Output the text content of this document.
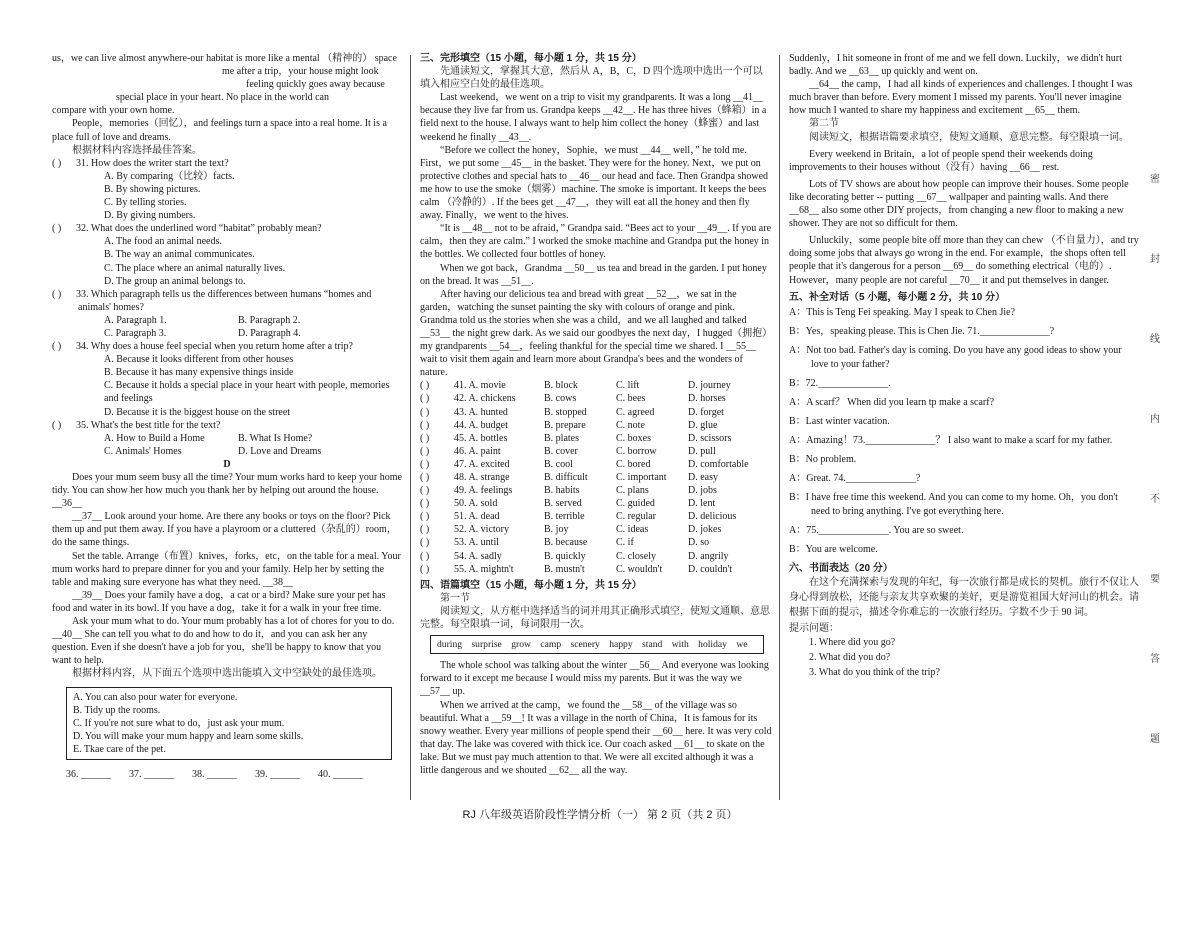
us，we can live almost anywhere-our habitat is more like a mental （精神的） space

me after a trip，your house might look

feeling quickly goes away because

special place in your heart. No place in the world can

compare with your own home.

People，memories（回忆），and feelings turn a space into a real home. It is a place full of love and dreams.

根据材料内容选择最佳答案。

( ) 31. How does the writer start the text?

A. By comparing（比较）facts.

B. By showing pictures.

C. By telling stories.

D. By giving numbers.

( ) 32. What does the underlined word “habitat” probably mean?

A. The food an animal needs.

B. The way an animal communicates.

C. The place where an animal naturally lives.

D. The group an animal belongs to.

( ) 33. Which paragraph tells us the differences between humans “homes and animals' homes?

A. Paragraph 1.	B. Paragraph 2.
C. Paragraph 3.	D. Paragraph 4.

( ) 34. Why does a house feel special when you return home after a trip?

A. Because it looks different from other houses

B. Because it has many expensive things inside

C. Because it holds a special place in your heart with people, memories and feelings

D. Because it is the biggest house on the street

( ) 35. What's the best title for the text?

A. How to Build a Home	B. What Is Home?
C. Animals' Homes	D. Love and Dreams

D

Does your mum seem busy all the time? Your mum works hard to keep your home tidy. You can show her how much you thank her by helping out around the house. __36__

__37__ Look around your home. Are there any books or toys on the floor? Pick them up and put them away. If you have a playroom or a cluttered（杂乱的）room，do the same things.

Set the table. Arrange（布置）knives，forks，etc，on the table for a meal. Your mum works hard to prepare dinner for you and your family. Help her by setting the table and making sure everyone has what they need. __38__

__39__ Does your family have a dog，a cat or a bird? Make sure your pet has food and water in its bowl. If you have a dog，take it for a walk in your free time.

Ask your mum what to do. Your mum probably has a lot of chores for you to do. __40__ She can tell you what to do and how to do it，and you can ask her any question. Even if she doesn't have a job for you，she'll be happy to know that you want to help.

根据材料内容，从下面五个选项中选出能填入文中空缺处的最佳选项。

A. You can also pour water for everyone.

B. Tidy up the rooms.

C. If you're not sure what to do，just ask your mum.

D. You will make your mum happy and learn some skills.

E. Tkae care of the pet.

36. ______ 37. ______ 38. ______ 39. ______ 40. ______

三、完形填空（15 小题，每小题 1 分，共 15 分）

先通读短文，掌握其大意，然后从 A，B，C，D 四个选项中选出一个可以填入相应空白处的最佳选项。

Last weekend，we went on a trip to visit my grandparents. It was a long __41__ because they live far from us. Grandpa keeps __42__. He has three hives（蜂箱）in a field next to the house. I always want to help him collect the honey（蜂蜜）and last weekend he finally __43__.

“Before we collect the honey，Sophie，we must __44__ well，” he told me. First，we put some __45__ in the basket. They were for the honey. Next，we put on protective clothes and special hats to __46__ our head and face. Then Grandpa showed me how to use the smoke（烟雾）machine. The smoke is important. It keeps the bees calm （冷静的）. If the bees get __47__，they will eat all the honey and then fly away. Finally，we went to the hives.

“It is __48__ not to be afraid，” Grandpa said. “Bees act to your __49__. If you are calm，then they are calm.” I worked the smoke machine and Grandpa put the honey in the bottles. We collected four bottles of honey.

When we got back，Grandma __50__ us tea and bread in the garden. I put honey on the bread. It was __51__.

After having our delicious tea and bread with great __52__，we sat in the garden，watching the sunset painting the sky with colours of orange and pink. Grandma told us the stories when she was a child，and we all laughed and talked __53__ the night grew dark. As we said our goodbyes the next day，I hugged（拥抱）my grandparents __54__，feeling thankful for the special time we shared. I __55__ wait to visit them again and learn more about Grandpa's bees and the wonders of nature.

( )	41. A. movie	B. block	C. lift	D. journey
( )	42. A. chickens	B. cows	C. bees	D. horses
( )	43. A. hunted	B. stopped	C. agreed	D. forget
( )	44. A. budget	B. prepare	C. note	D. glue
( )	45. A. bottles	B. plates	C. boxes	D. scissors
( )	46. A. paint	B. cover	C. borrow	D. pull
( )	47. A. excited	B. cool	C. bored	D. comfortable
( )	48. A. strange	B. difficult	C. important	D. easy
( )	49. A. feelings	B. habits	C. plans	D. jobs
( )	50. A. sold	B. served	C. guided	D. lent
( )	51. A. dead	B. terrible	C. regular	D. delicious
( )	52. A. victory	B. joy	C. ideas	D. jokes
( )	53. A. until	B. because	C. if	D. so
( )	54. A. sadly	B. quickly	C. closely	D. angrily
( )	55. A. mightn't	B. mustn't	C. wouldn't	D. couldn't

四、语篇填空（15 小题，每小题 1 分，共 15 分）

第一节

阅读短文，从方框中选择适当的词并用其正确形式填空，使短文通顺、意思完整。每空限填一词，每词限用一次。

during surprise grow camp scenery happy stand with holiday we

The whole school was talking about the winter __56__ And everyone was looking forward to it except me because I would miss my parents. But it was the way we __57__ up.

When we arrived at the camp，we found the __58__ of the village was so beautiful. What a __59__! It was a village in the north of China，It is famous for its snowy weather. Every year millions of people spend their __60__ here. It was very cold that day. The lake was covered with thick ice. Our coach asked __61__ to skate on the lake. But we must pay much attention to that. We were all excited although it was a little dangerous and we shouted __62__ all the way.

Suddenly，I hit someone in front of me and we fell down. Luckily，we didn't hurt badly. And we __63__ up quickly and went on.

__64__ the camp，I had all kinds of experiences and challenges. I thought I was much braver than before. Every moment I missed my parents. You'll never imagine how much I wanted to share my happiness and excitement __65__ them.

第二节

阅读短文，根据语篇要求填空，使短文通顺、意思完整。每空限填一词。

Every weekend in Britain，a lot of people spend their weekends doing improvements to their houses without（没有）having __66__ rest.

Lots of TV shows are about how people can improve their houses. Some people like decorating better -- putting __67__ wallpaper and painting walls. And there __68__ also some other DIY projects，from changing a new floor to making a new shower. They are not so difficult for them.

Unluckily，some people bite off more than they can chew （不自量力），and try doing some jobs that always go wrong in the end. For example，the shops often tell people that it's dangerous for a person __69__ do something electrical（电的）. However，many people are not careful __70__ it and put themselves in danger.

五、补全对话（5 小题，每小题 2 分，共 10 分）

A：This is Teng Fei speaking. May I speak to Chen Jie?

B：Yes，speaking please. This is Chen Jie. 71.______________?

A：Not too bad. Father's day is coming. Do you have any good ideas to show your love to your father?

B：72.______________.

A：A scarf？ When did you learn tp make a scarf?

B：Last winter vacation.

A：Amazing！73.______________？ I also want to make a scarf for my father.

B：No problem.

A：Great. 74.______________?

B：I have free time this weekend. And you can come to my home. Oh，you don't need to bring anything. I've got everything here.

A：75.______________. You are so sweet.

B：You are welcome.

六、书面表达（20 分）

在这个充满探索与发现的年纪，每一次旅行都是成长的契机。旅行不仅让人身心得到放松，还能与亲友共享欢聚的美好，更是游览祖国大好河山的机会。请根据下面的提示，描述令你难忘的一次旅行经历。字数不少于 90 词。

提示问题：

1. Where did you go?

2. What did you do?

3. What do you think of the trip?

密
封
线
内
不
要
答
题
RJ 八年级英语阶段性学情分析（一） 第 2 页（共 2 页）
